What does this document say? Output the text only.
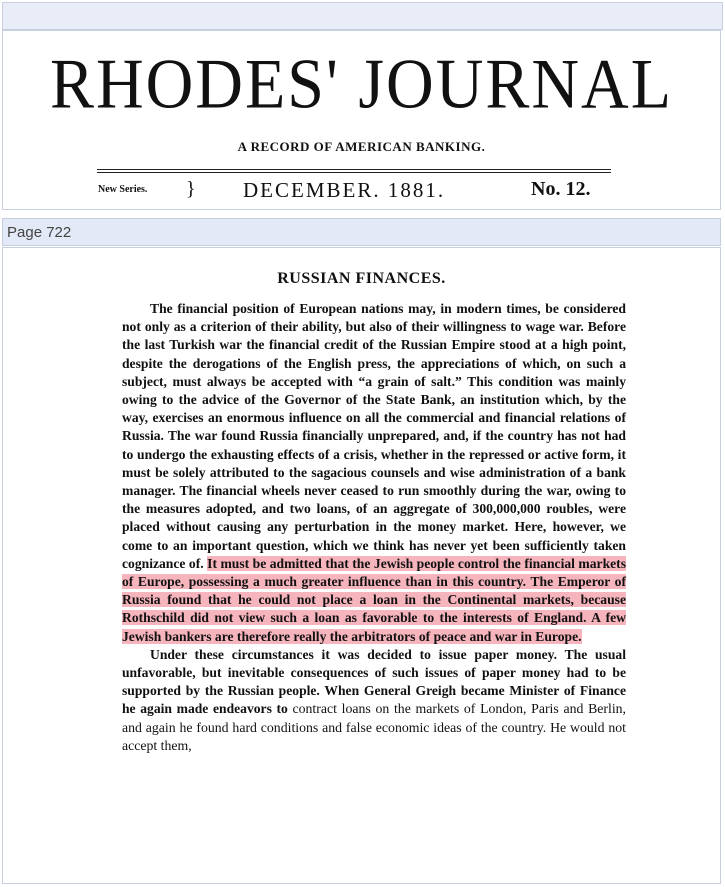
RHODES' JOURNAL
A RECORD OF AMERICAN BANKING.
New Series. } DECEMBER. 1881.	No. 12.
Page 722
RUSSIAN FINANCES.

The financial position of European nations may, in modern times, be considered not only as a criterion of their ability, but also of their willingness to wage war. Before the last Turkish war the financial credit of the Russian Empire stood at a high point, despite the derogations of the English press, the appreciations of which, on such a subject, must always be accepted with “a grain of salt.” This condition was mainly owing to the advice of the Governor of the State Bank, an institution which, by the way, exercises an enormous influence on all the commercial and financial relations of Russia. The war found Russia financially unprepared, and, if the country has not had to undergo the exhausting effects of a crisis, whether in the repressed or active form, it must be solely attributed to the sagacious counsels and wise administration of a bank manager. The financial wheels never ceased to run smoothly during the war, owing to the measures adopted, and two loans, of an aggregate of 300,000,000 roubles, were placed without causing any perturbation in the money market. Here, however, we come to an important question, which we think has never yet been sufficiently taken cognizance of. It must be admitted that the Jewish people control the financial markets of Europe, possessing a much greater influence than in this country. The Emperor of Russia found that he could not place a loan in the Continental markets, because Rothschild did not view such a loan as favorable to the interests of England. A few Jewish bankers are therefore really the arbitrators of peace and war in Europe.

Under these circumstances it was decided to issue paper money. The usual unfavorable, but inevitable consequences of such issues of paper money had to be supported by the Russian people. When General Greigh became Minister of Finance he again made endeavors to contract loans on the markets of London, Paris and Berlin, and again he found hard conditions and false economic ideas of the country. He would not accept them,
